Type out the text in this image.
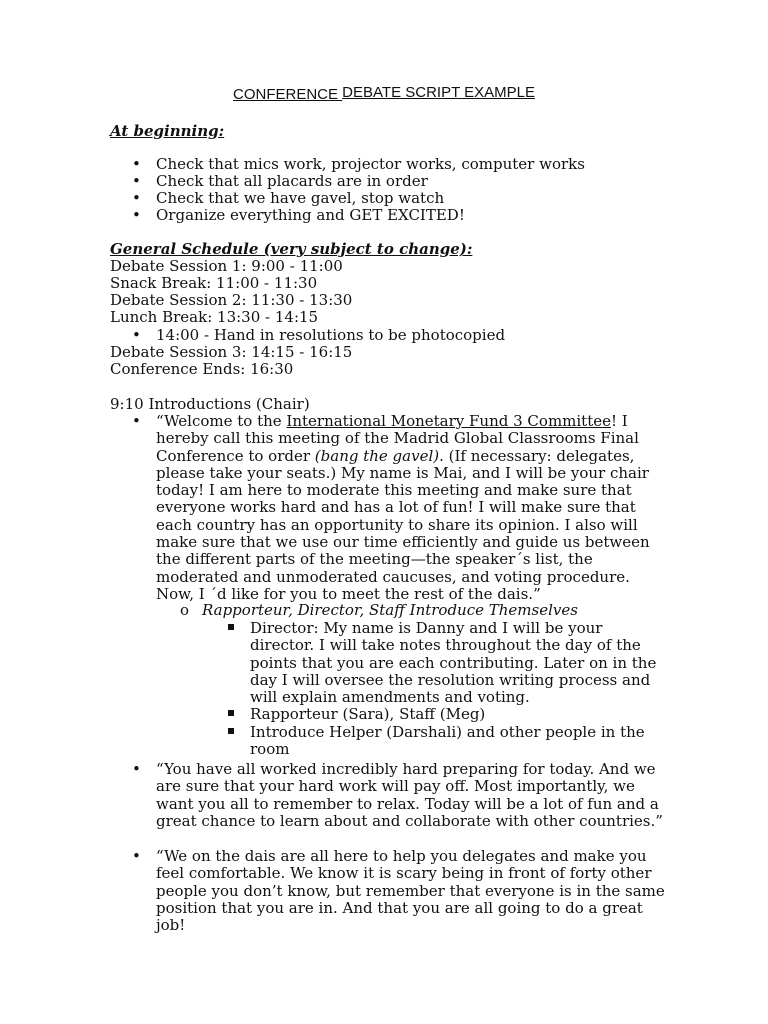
CONFERENCE DEBATE SCRIPT EXAMPLE
At beginning:
• Check that mics work, projector works, computer works
• Check that all placards are in order
• Check that we have gavel, stop watch
• Organize everything and GET EXCITED!
General Schedule (very subject to change):
Debate Session 1: 9:00 - 11:00
Snack Break: 11:00 - 11:30
Debate Session 2: 11:30 - 13:30
Lunch Break: 13:30 - 14:15
• 14:00 - Hand in resolutions to be photocopied
Debate Session 3: 14:15 - 16:15
Conference Ends: 16:30
9:10 Introductions (Chair)
• “Welcome to the International Monetary Fund 3 Committee! I hereby call this meeting of the Madrid Global Classrooms Final Conference to order (bang the gavel). (If necessary: delegates, please take your seats.) My name is Mai, and I will be your chair today! I am here to moderate this meeting and make sure that everyone works hard and has a lot of fun! I will make sure that each country has an opportunity to share its opinion. I also will make sure that we use our time efficiently and guide us between the different parts of the meeting—the speaker´s list, the moderated and unmoderated caucuses, and voting procedure. Now, I ´d like for you to meet the rest of the dais.”
o Rapporteur, Director, Staff Introduce Themselves
Director: My name is Danny and I will be your director. I will take notes throughout the day of the points that you are each contributing. Later on in the day I will oversee the resolution writing process and will explain amendments and voting.
Rapporteur (Sara), Staff (Meg)
Introduce Helper (Darshali) and other people in the room
• “You have all worked incredibly hard preparing for today. And we are sure that your hard work will pay off. Most importantly, we want you all to remember to relax. Today will be a lot of fun and a great chance to learn about and collaborate with other countries.”
• “We on the dais are all here to help you delegates and make you feel comfortable. We know it is scary being in front of forty other people you don’t know, but remember that everyone is in the same position that you are in. And that you are all going to do a great job!
